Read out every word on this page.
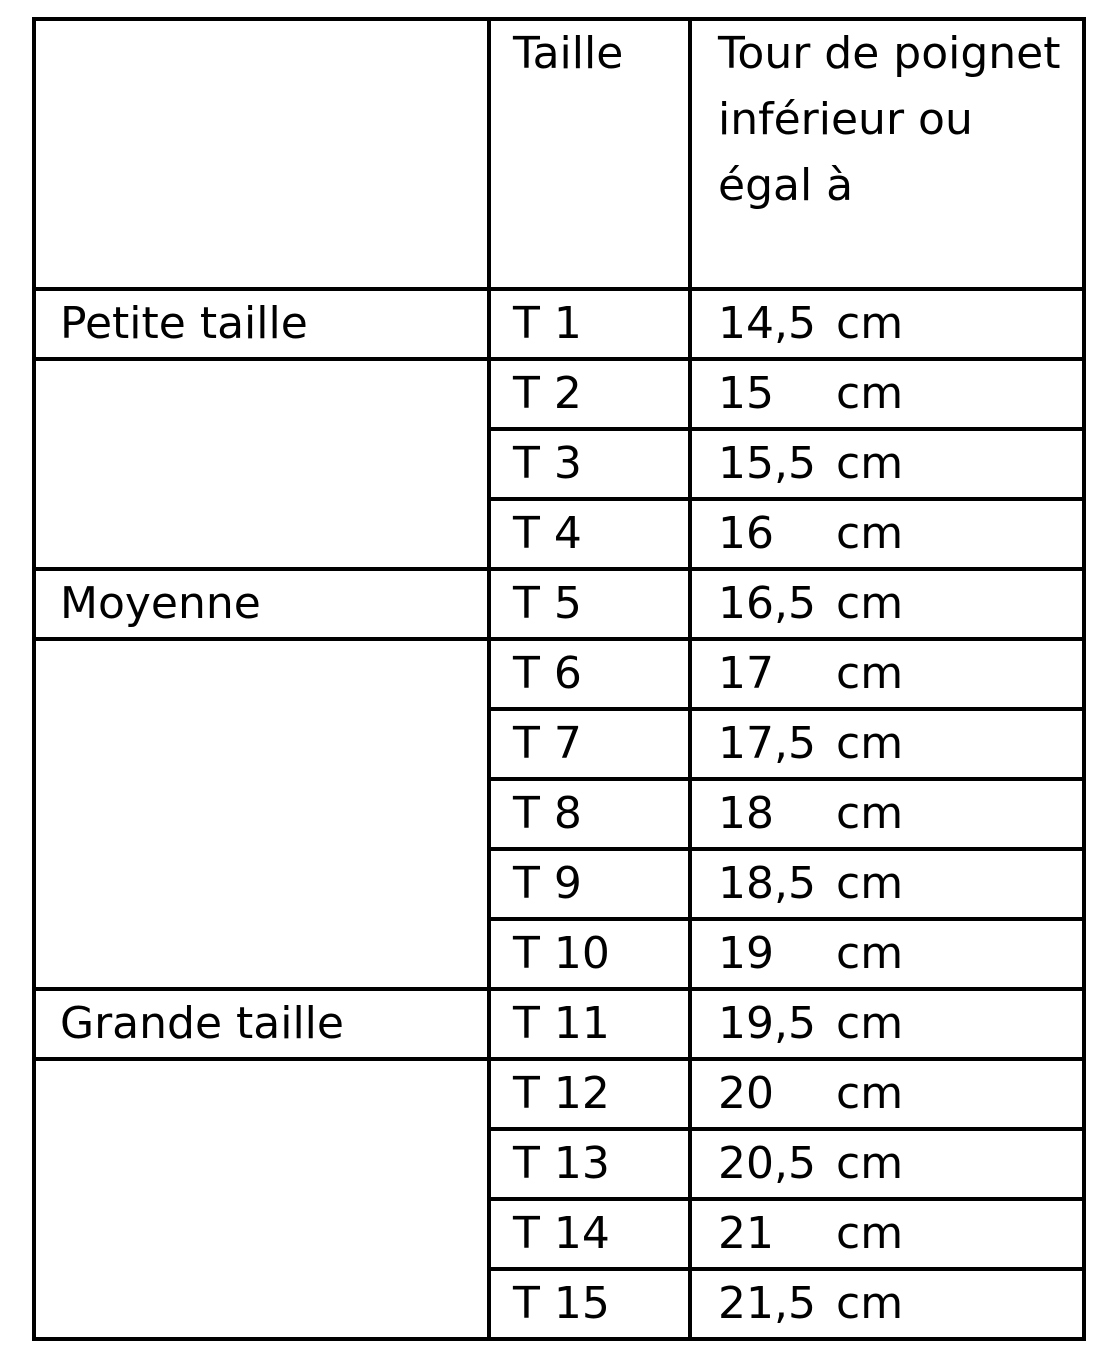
	Taille	Tour de poignet inférieur ou égal à
Petite taille	T 1	14,5 cm
	T 2	15 cm
	T 3	15,5 cm
	T 4	16 cm
Moyenne	T 5	16,5 cm
	T 6	17 cm
	T 7	17,5 cm
	T 8	18 cm
	T 9	18,5 cm
	T 10	19 cm
Grande taille	T 11	19,5 cm
	T 12	20 cm
	T 13	20,5 cm
	T 14	21 cm
	T 15	21,5 cm
